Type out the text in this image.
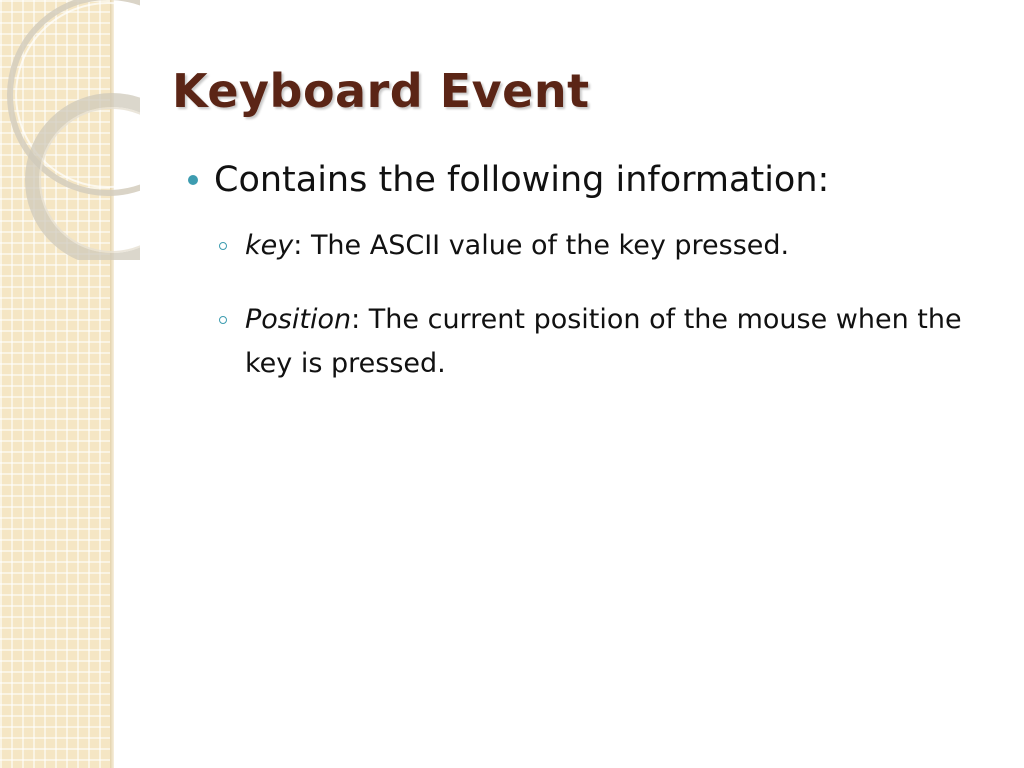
Keyboard Event
Contains the following information:
key: The ASCII value of the key pressed.
Position: The current position of the mouse when the key is pressed.
